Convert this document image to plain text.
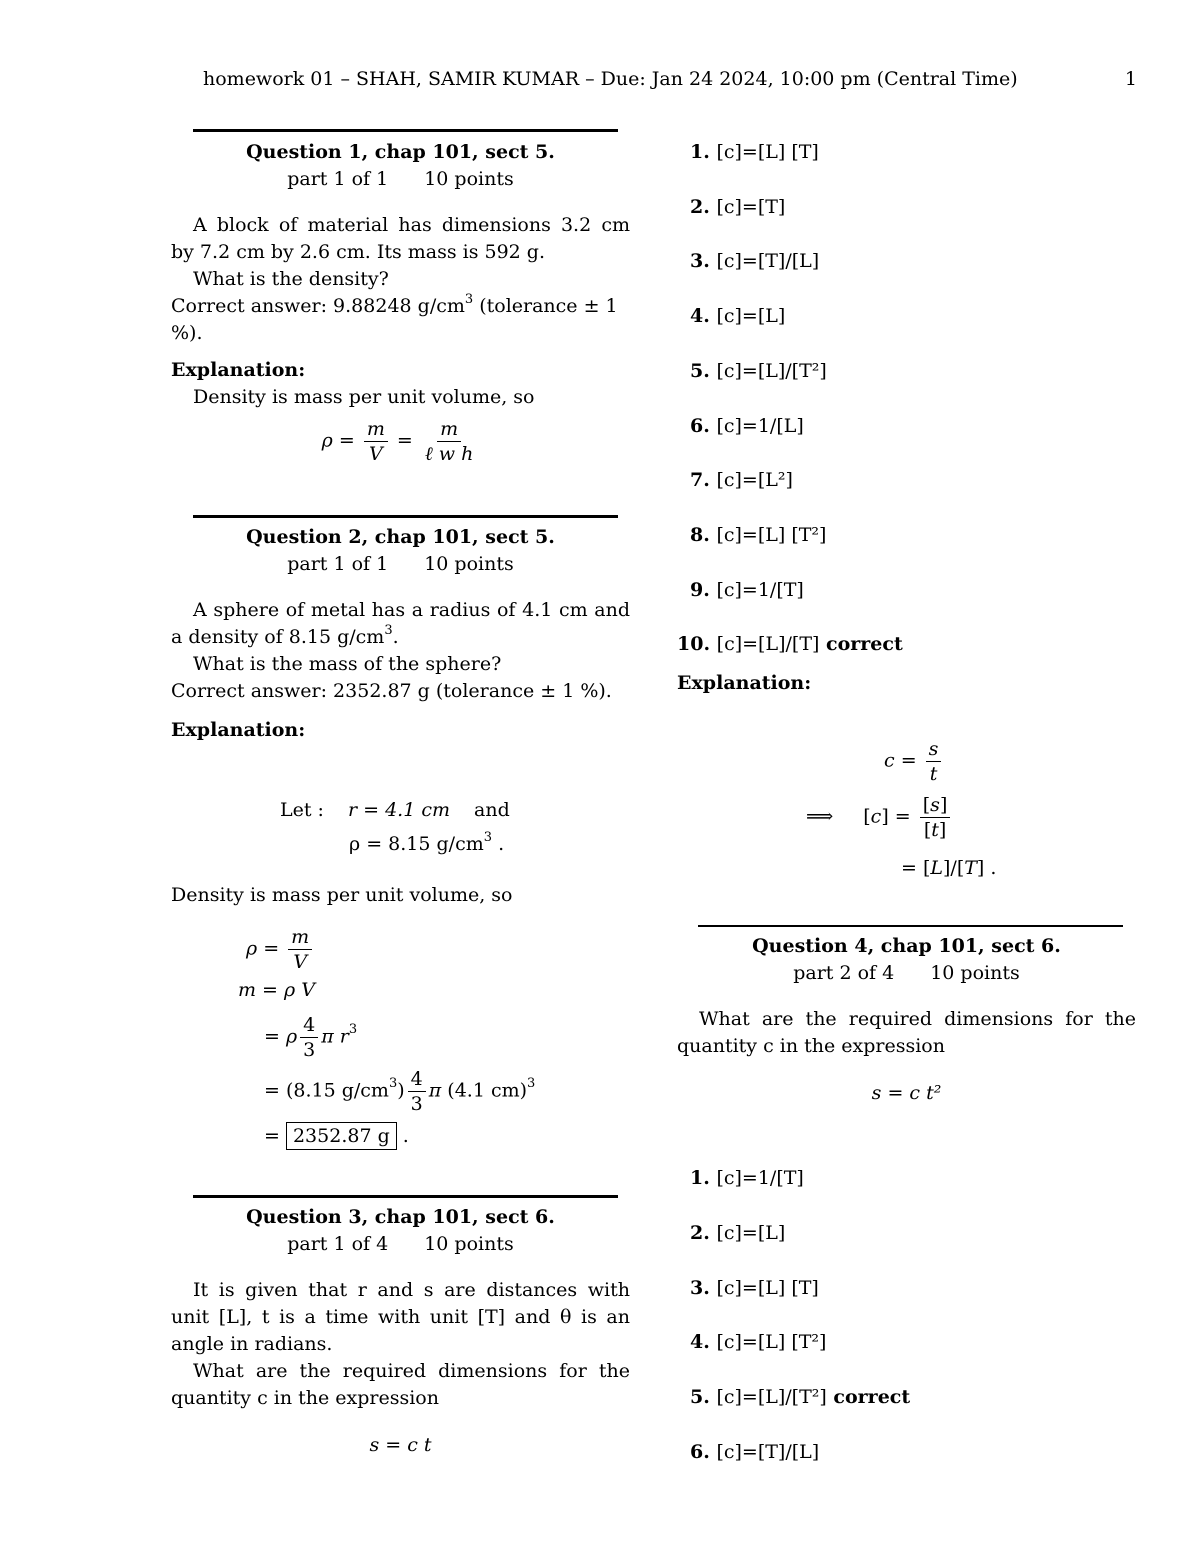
homework 01 – SHAH, SAMIR KUMAR – Due: Jan 24 2024, 10:00 pm (Central Time)	1
Question 1, chap 101, sect 5.
part 1 of 1 10 points
A block of material has dimensions 3.2 cm by 7.2 cm by 2.6 cm. Its mass is 592 g.
What is the density?
Correct answer: 9.88248 $g/cm^3$ (tolerance ± 1 %).
Explanation:
Density is mass per unit volume, so
$\rho = \frac{m}{V} = \frac{m}{\text{ℓ w h}}$
Question 2, chap 101, sect 5.
part 1 of 1 10 points
A sphere of metal has a radius of 4.1 cm and a density of 8.15 $g/cm^3$.
What is the mass of the sphere?
Correct answer: 2352.87 g (tolerance ± 1 %).
Explanation:
Let : r = 4.1 cm and
ρ = 8.15 $g/cm^3$ .
Density is mass per unit volume, so
$\rho = \frac{m}{V}$
m = ρ V
= ρ $\frac{4}{3}$ π $r^3$
= (8.15 $g/cm^3) \frac{4}{3}$ π (4.1 cm)$^3$
= 2352.87 g .
Question 3, chap 101, sect 6.
part 1 of 4 10 points
It is given that r and s are distances with unit [L], t is a time with unit [T] and θ is an angle in radians.
What are the required dimensions for the quantity c in the expression
s = c t
1. [c]=[L] [T]
2. [c]=[T]
3. [c]=[T]/[L]
4. [c]=[L]
5. [c]=[L]/[T²]
6. [c]=1/[L]
7. [c]=[L²]
8. [c]=[L] [T²]
9. [c]=1/[T]
10. [c]=[L]/[T] correct
Explanation:
$c = \frac{s}{t}$
⟹ $[c] = \frac{[s]}{[t]}$
= [L]/[T] .
Question 4, chap 101, sect 6.
part 2 of 4 10 points
What are the required dimensions for the quantity c in the expression
s = c t²
1. [c]=1/[T]
2. [c]=[L]
3. [c]=[L] [T]
4. [c]=[L] [T²]
5. [c]=[L]/[T²] correct
6. [c]=[T]/[L]
